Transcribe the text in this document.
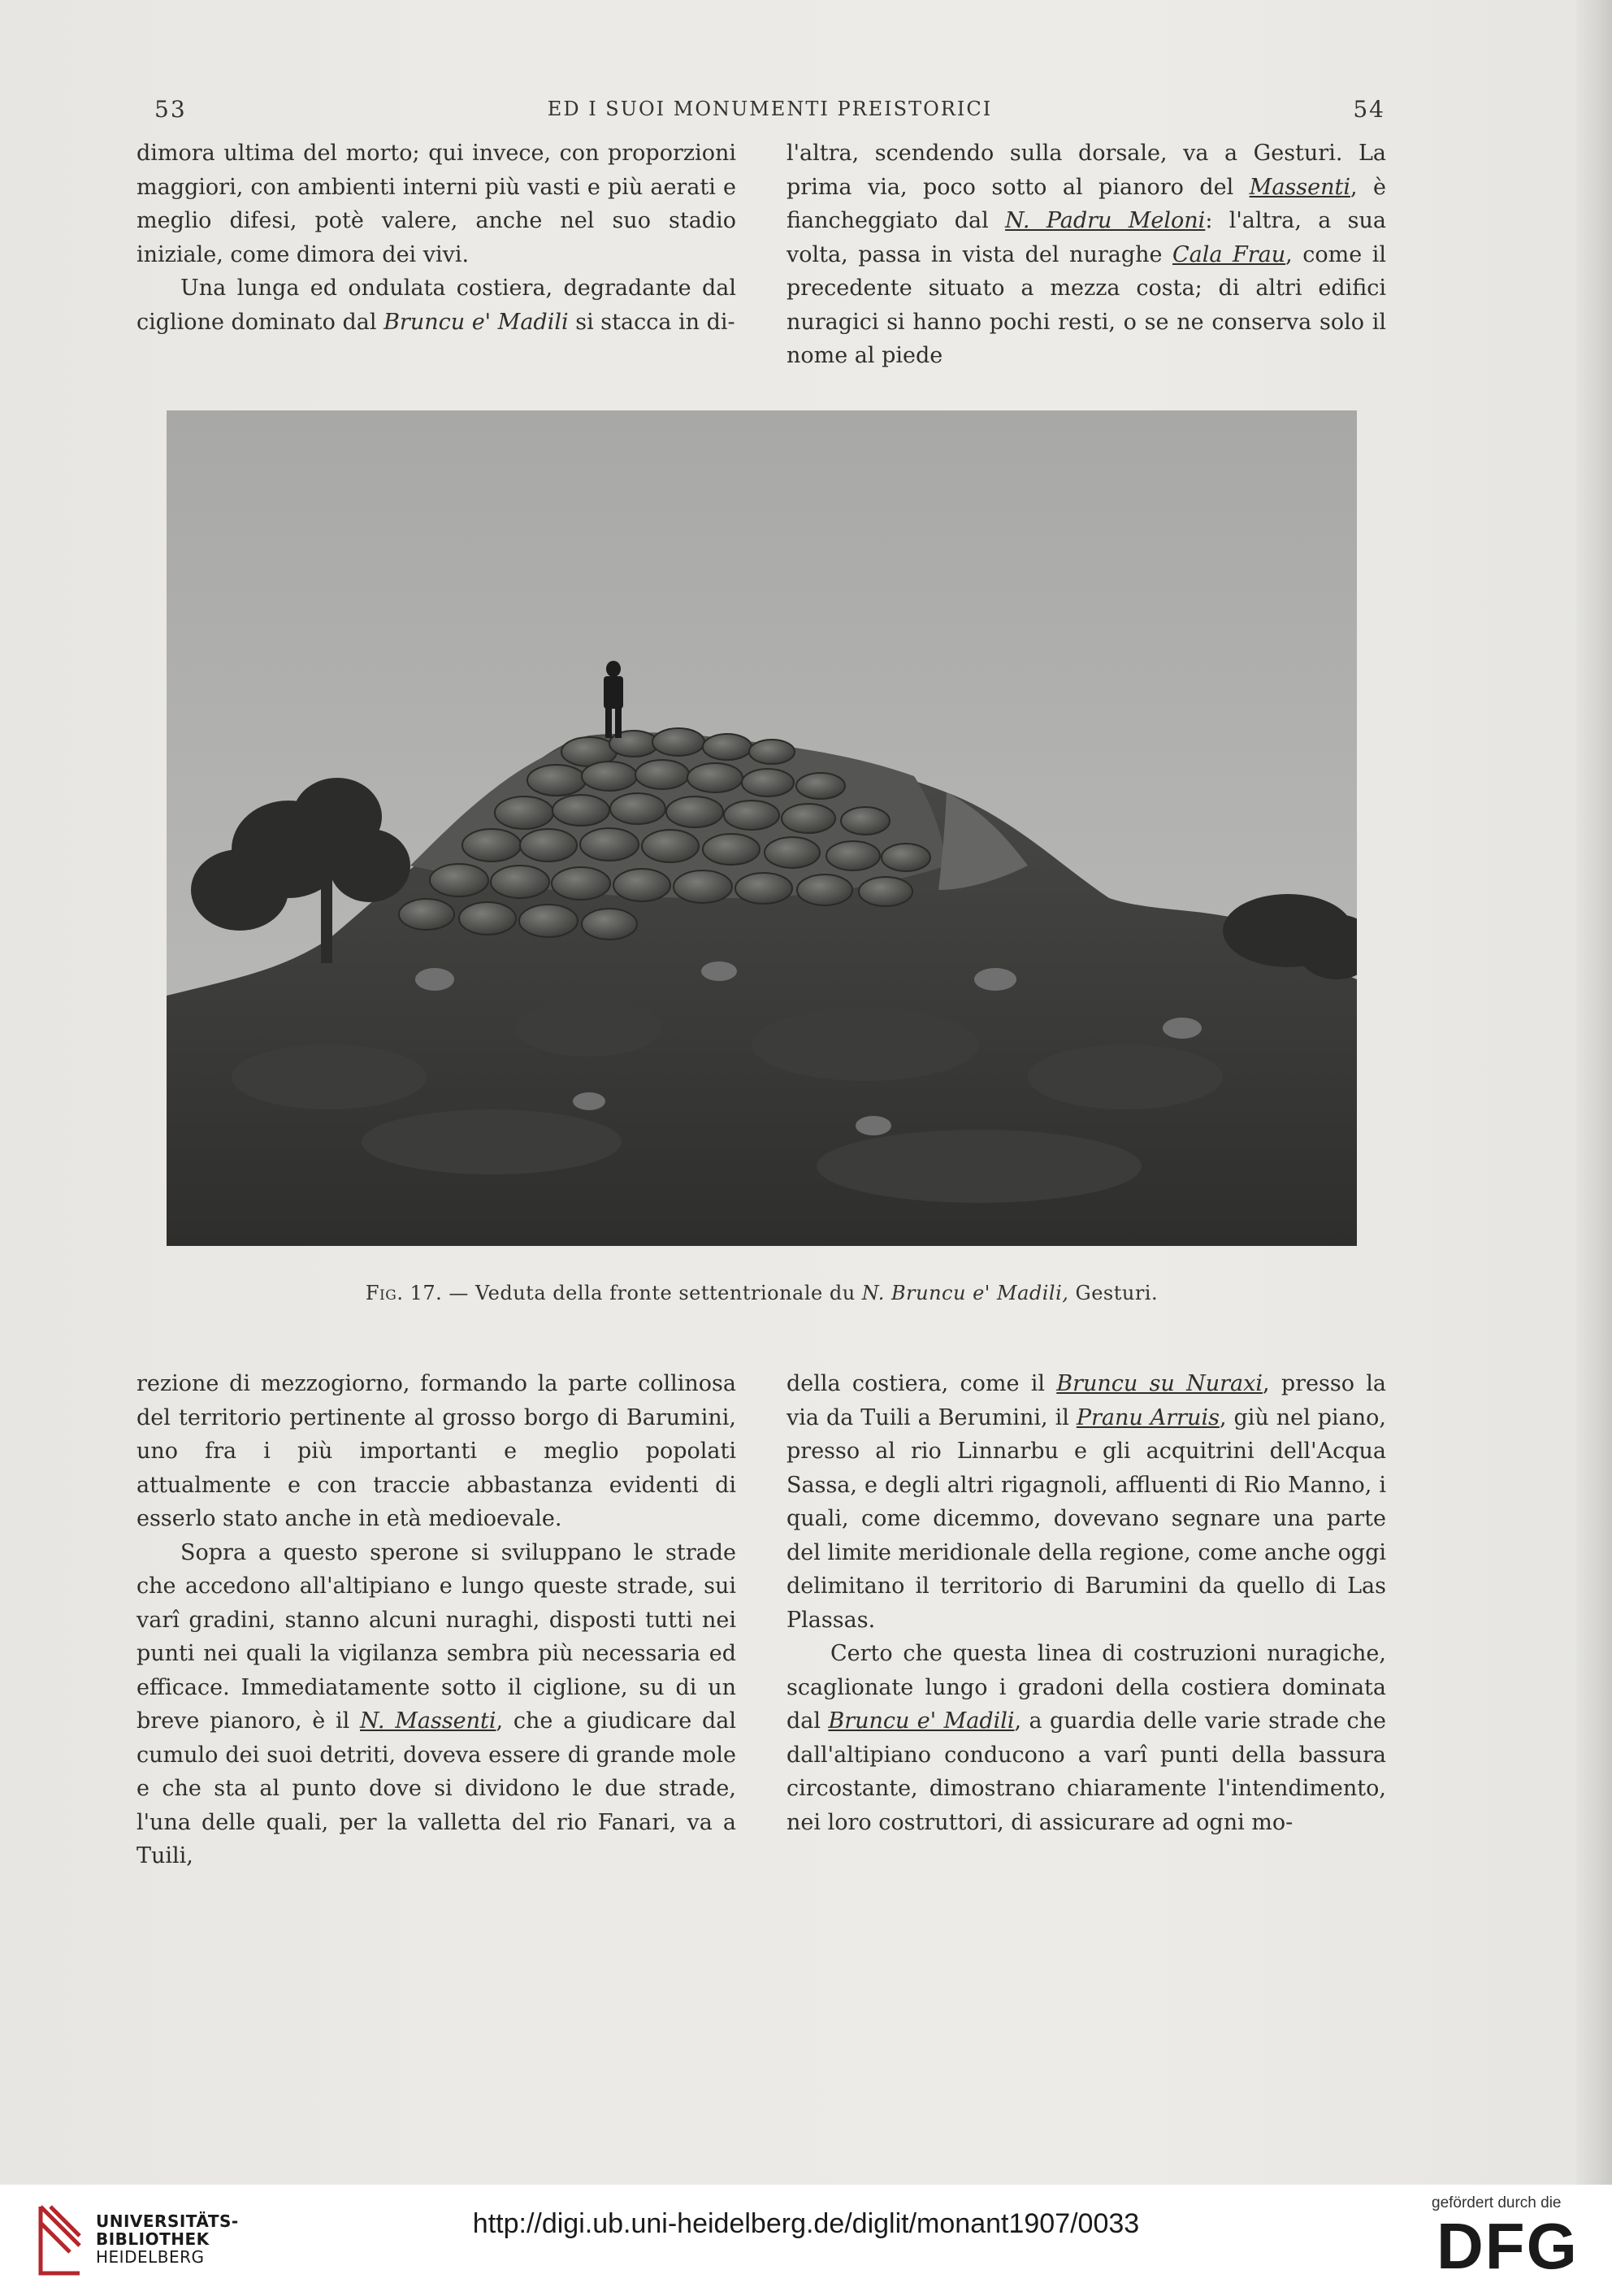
53	ED I SUOI MONUMENTI PREISTORICI	54

dimora ultima del morto; qui invece, con proporzioni maggiori, con ambienti interni più vasti e più aerati e meglio difesi, potè valere, anche nel suo stadio iniziale, come dimora dei vivi.

Una lunga ed ondulata costiera, degradante dal ciglione dominato dal Bruncu e' Madili si stacca in di-

l'altra, scendendo sulla dorsale, va a Gesturi. La prima via, poco sotto al pianoro del Massenti, è fiancheggiato dal N. Padru Meloni: l'altra, a sua volta, passa in vista del nuraghe Cala Frau, come il precedente situato a mezza costa; di altri edifici nuragici si hanno pochi resti, o se ne conserva solo il nome al piede

Fig. 17. — Veduta della fronte settentrionale du N. Bruncu e' Madili, Gesturi.

rezione di mezzogiorno, formando la parte collinosa del territorio pertinente al grosso borgo di Barumini, uno fra i più importanti e meglio popolati attualmente e con traccie abbastanza evidenti di esserlo stato anche in età medioevale.

Sopra a questo sperone si sviluppano le strade che accedono all'altipiano e lungo queste strade, sui varî gradini, stanno alcuni nuraghi, disposti tutti nei punti nei quali la vigilanza sembra più necessaria ed efficace. Immediatamente sotto il ciglione, su di un breve pianoro, è il N. Massenti, che a giudicare dal cumulo dei suoi detriti, doveva essere di grande mole e che sta al punto dove si dividono le due strade, l'una delle quali, per la valletta del rio Fanari, va a Tuili,

della costiera, come il Bruncu su Nuraxi, presso la via da Tuili a Berumini, il Pranu Arruis, giù nel piano, presso al rio Linnarbu e gli acquitrini dell'Acqua Sassa, e degli altri rigagnoli, affluenti di Rio Manno, i quali, come dicemmo, dovevano segnare una parte del limite meridionale della regione, come anche oggi delimitano il territorio di Barumini da quello di Las Plassas.

Certo che questa linea di costruzioni nuragiche, scaglionate lungo i gradoni della costiera dominata dal Bruncu e' Madili, a guardia delle varie strade che dall'altipiano conducono a varî punti della bassura circostante, dimostrano chiaramente l'intendimento, nei loro costruttori, di assicurare ad ogni mo-

UNIVERSITÄTS-
BIBLIOTHEK
HEIDELBERG
http://digi.ub.uni-heidelberg.de/diglit/monant1907/0033
gefördert durch die
DFG
